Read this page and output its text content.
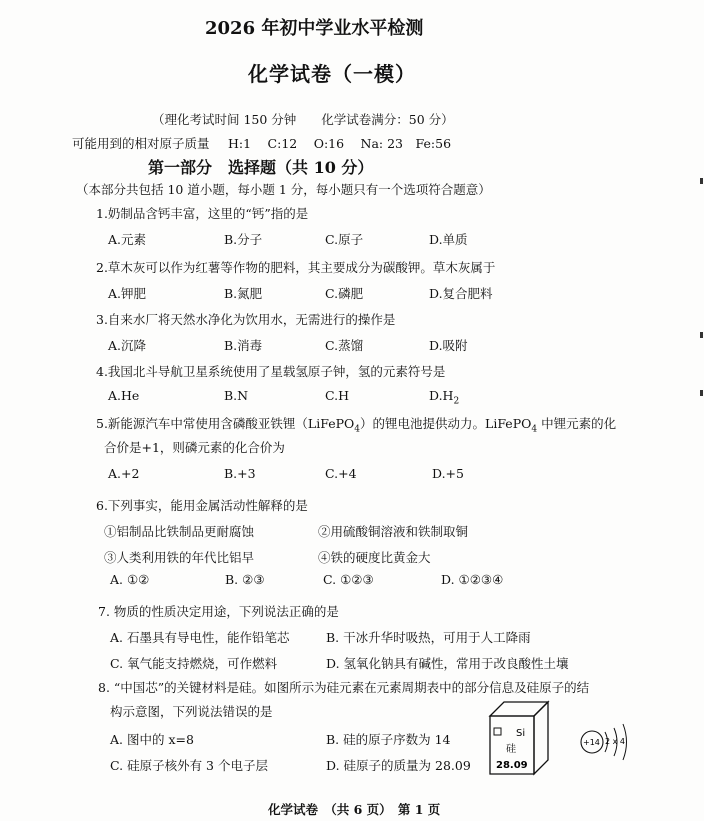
2026 年初中学业水平检测
化学试卷（一模）
（理化考试时间 150 分钟　　化学试卷满分：50 分）
可能用到的相对原子质量 H:1　 C:12　 O:16　 Na: 23　Fe:56
第一部分　选择题（共 10 分）
（本部分共包括 10 道小题，每小题 1 分，每小题只有一个选项符合题意）
1.奶制品含钙丰富，这里的“钙”指的是
A.元素	B.分子	C.原子	D.单质
2.草木灰可以作为红薯等作物的肥料，其主要成分为碳酸钾。草木灰属于
A.钾肥	B.氮肥	C.磷肥	D.复合肥料
3.自来水厂将天然水净化为饮用水，无需进行的操作是
A.沉降	B.消毒	C.蒸馏	D.吸附
4.我国北斗导航卫星系统使用了星载氢原子钟，氢的元素符号是
A.He	B.N	C.H	$D.H_2$
5.新能源汽车中常使用含磷酸亚铁锂（LiFePO$_4$）的锂电池提供动力。LiFePO$_4$ 中锂元素的化
合价是+1，则磷元素的化合价为
A.+2	B.+3	C.+4	D.+5
6.下列事实，能用金属活动性解释的是
①铝制品比铁制品更耐腐蚀	②用硫酸铜溶液和铁制取铜
③人类利用铁的年代比铝早	④铁的硬度比黄金大
A. ①②	B. ②③	C. ①②③	D. ①②③④
7. 物质的性质决定用途，下列说法正确的是
A. 石墨具有导电性，能作铅笔芯	B. 干冰升华时吸热，可用于人工降雨
C. 氧气能支持燃烧，可作燃料	D. 氢氧化钠具有碱性，常用于改良酸性土壤
8. “中国芯”的关键材料是硅。如图所示为硅元素在元素周期表中的部分信息及硅原子的结
构示意图，下列说法错误的是
A. 图中的 x=8	B. 硅的原子序数为 14
C. 硅原子核外有 3 个电子层	D. 硅原子的质量为 28.09
Si
硅
28.09
+14 2 x 4
化学试卷　（共 6 页）　第 1 页
